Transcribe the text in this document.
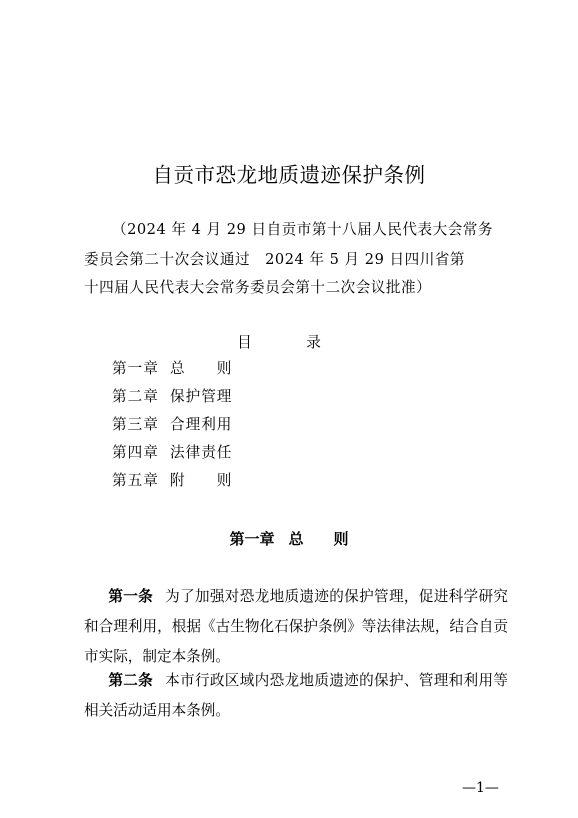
自贡市恐龙地质遗迹保护条例
（2024 年 4 月 29 日自贡市第十八届人民代表大会常务
委员会第二十次会议通过　2024 年 5 月 29 日四川省第
十四届人民代表大会常务委员会第十二次会议批准）
目　录
第一章 总　　则
第二章 保护管理
第三章 合理利用
第四章 法律责任
第五章 附　　则
第一章 总　　则
第一条 为了加强对恐龙地质遗迹的保护管理，促进科学研究和合理利用，根据《古生物化石保护条例》等法律法规，结合自贡市实际，制定本条例。
第二条 本市行政区域内恐龙地质遗迹的保护、管理和利用等相关活动适用本条例。
—1—
